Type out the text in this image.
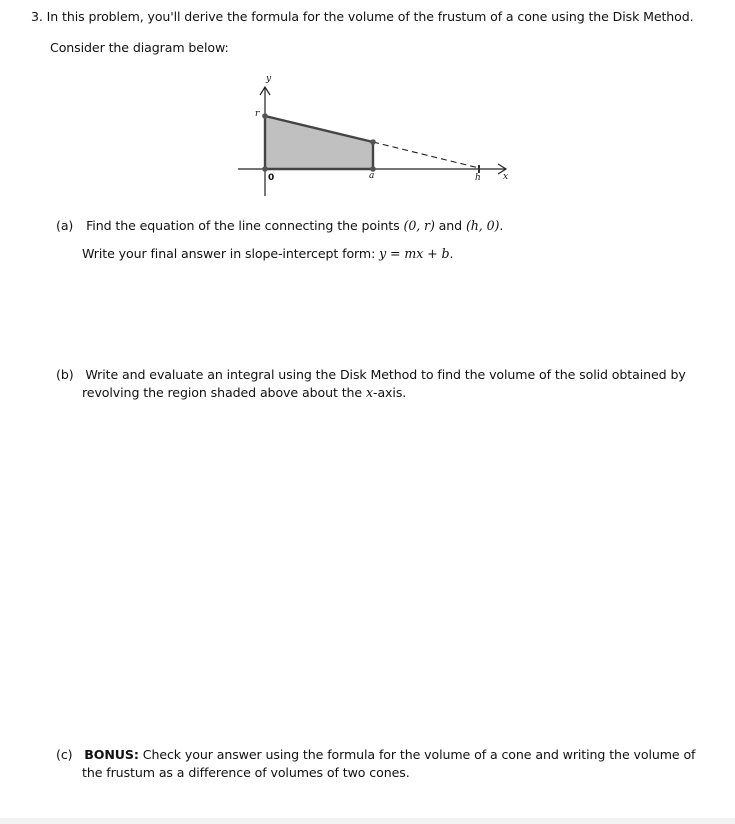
3. In this problem, you'll derive the formula for the volume of the frustum of a cone using the Disk Method.
Consider the diagram below:
y
r
0	a	h x
(a) Find the equation of the line connecting the points (0, r) and (h, 0).
Write your final answer in slope-intercept form: y = mx + b.
(b) Write and evaluate an integral using the Disk Method to find the volume of the solid obtained by
revolving the region shaded above about the x-axis.
(c) BONUS: Check your answer using the formula for the volume of a cone and writing the volume of
the frustum as a difference of volumes of two cones.
